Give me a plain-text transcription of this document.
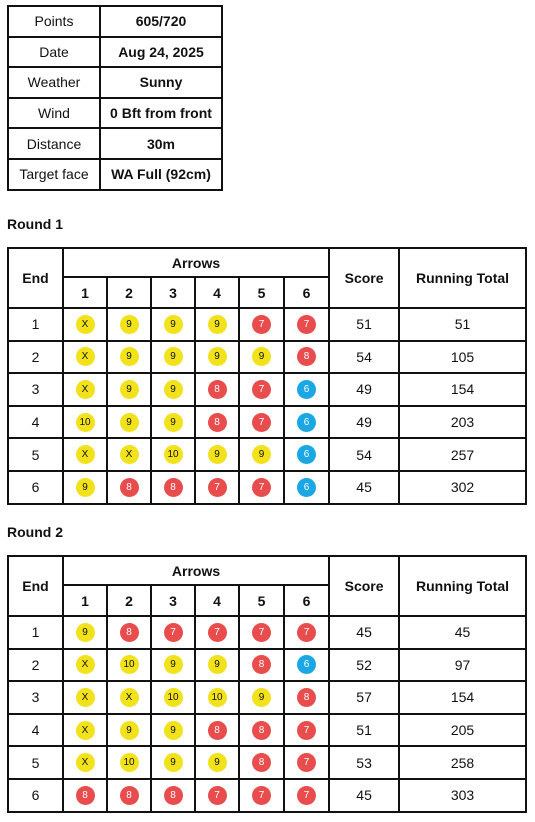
Points	605/720
Date	Aug 24, 2025
Weather	Sunny
Wind	0 Bft from front
Distance	30m
Target face	WA Full (92cm)
Round 1
End	Arrows						Score	Running Total
	1	2	3	4	5	6		
1	X	9	9	9	7	7	51	51
2	X	9	9	9	9	8	54	105
3	X	9	9	8	7	6	49	154
4	10	9	9	8	7	6	49	203
5	X	X	10	9	9	6	54	257
6	9	8	8	7	7	6	45	302
Round 2
End	Arrows						Score	Running Total
	1	2	3	4	5	6		
1	9	8	7	7	7	7	45	45
2	X	10	9	9	8	6	52	97
3	X	X	10	10	9	8	57	154
4	X	9	9	8	8	7	51	205
5	X	10	9	9	8	7	53	258
6	8	8	8	7	7	7	45	303
